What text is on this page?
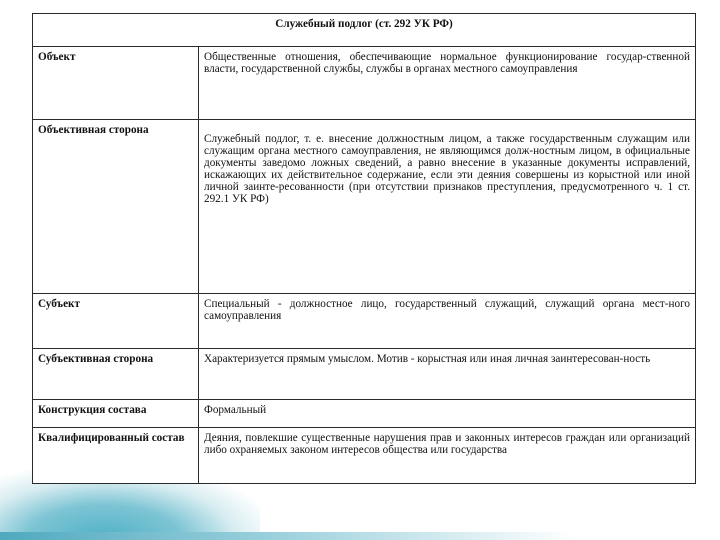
Служебный подлог (ст. 292 УК РФ)	
Объект	Общественные отношения, обеспечивающие нормальное функционирование государ-ственной власти, государственной службы, службы в органах местного самоуправления
Объективная сторона	Служебный подлог, т. е. внесение должностным лицом, а также государственным служащим или служащим органа местного самоуправления, не являющимся долж-ностным лицом, в официальные документы заведомо ложных сведений, а равно внесение в указанные документы исправлений, искажающих их действительное содержание, если эти деяния совершены из корыстной или иной личной заинте-ресованности (при отсутствии признаков преступления, предусмотренного ч. 1 ст. 292.1 УК РФ)
Субъект	Специальный - должностное лицо, государственный служащий, служащий органа мест-ного самоуправления
Субъективная сторона	Характеризуется прямым умыслом. Мотив - корыстная или иная личная заинтересован-ность
Конструкция состава	Формальный
Квалифицированный состав	Деяния, повлекшие существенные нарушения прав и законных интересов граждан или организаций либо охраняемых законом интересов общества или государства
